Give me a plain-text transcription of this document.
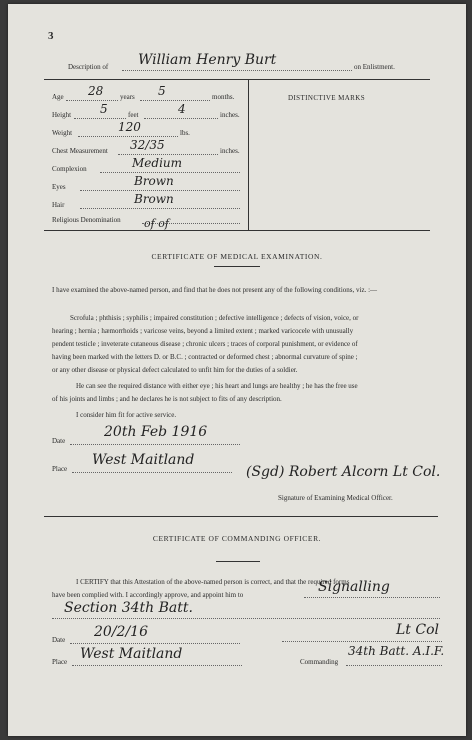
3
Description of William Henry Burt	on Enlistment.
DISTINCTIVE MARKS
Age 28 years 5	months.
Height 5	feet	4	inches.
Weight	120	lbs.
Chest Measurement 32/35	inches.
Complexion	Medium
Eyes	Brown
Hair	Brown
Religious Denomination of of
CERTIFICATE OF MEDICAL EXAMINATION.
I have examined the above-named person, and find that he does not present any of the following conditions, viz. :—
Scrofula ; phthisis ; syphilis ; impaired constitution ; defective intelligence ; defects of vision, voice, or
hearing ; hernia ; hæmorrhoids ; varicose veins, beyond a limited extent ; marked varicocele with unusually
pendent testicle ; inveterate cutaneous disease ; chronic ulcers ; traces of corporal punishment, or evidence of
having been marked with the letters D. or B.C. ; contracted or deformed chest ; abnormal curvature of spine ;
or any other disease or physical defect calculated to unfit him for the duties of a soldier.
He can see the required distance with either eye ; his heart and lungs are healthy ; he has the free use
of his joints and limbs ; and he declares he is not subject to fits of any description.
I consider him fit for active service.
Date
20th Feb 1916
Place
West Maitland
(Sgd) Robert Alcorn Lt Col.
Signature of Examining Medical Officer.
CERTIFICATE OF COMMANDING OFFICER.
I CERTIFY that this Attestation of the above-named person is correct, and that the required forms
have been complied with. I accordingly approve, and appoint him to	Signalling
Section 34th Batt.
Date 20/2/16	Lt Col
Place West Maitland	Commanding
34th Batt. A.I.F.
